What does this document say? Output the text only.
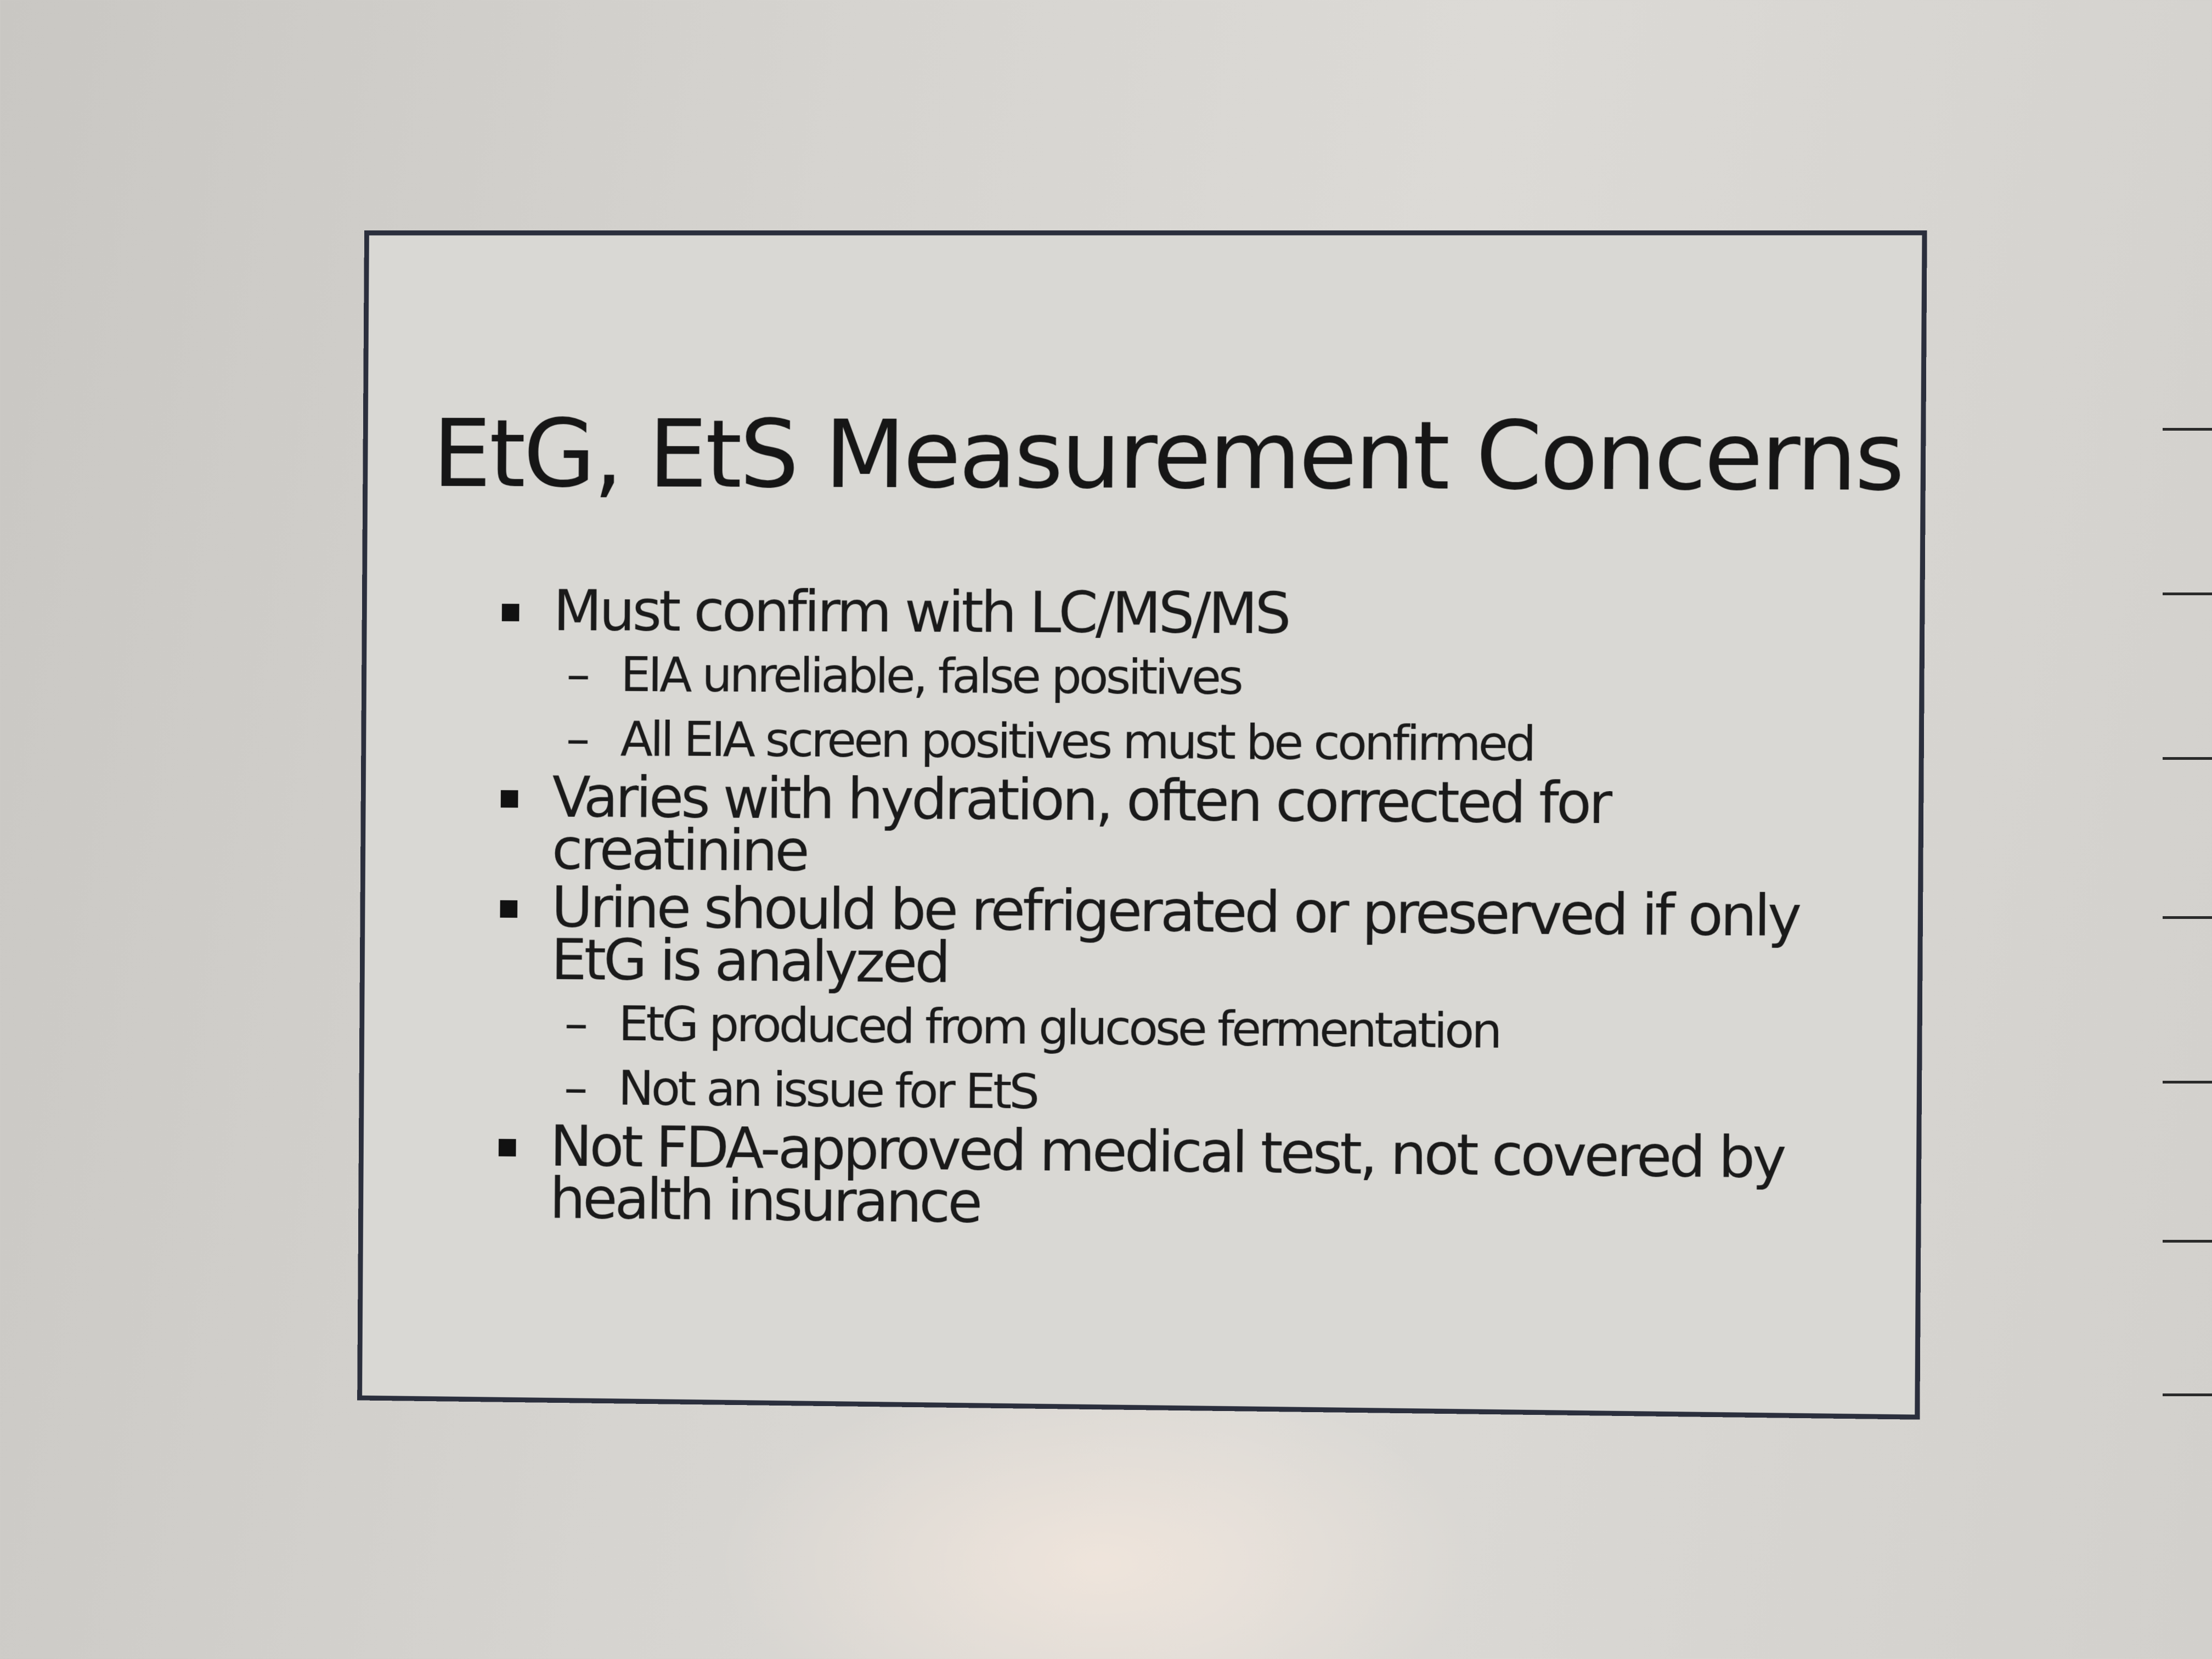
EtG, EtS Measurement Concerns
Must confirm with LC/MS/MS
– EIA unreliable, false positives
– All EIA screen positives must be confirmed
Varies with hydration, often corrected for creatinine
Urine should be refrigerated or preserved if only EtG is analyzed
– EtG produced from glucose fermentation
– Not an issue for EtS
Not FDA-approved medical test, not covered by health insurance
